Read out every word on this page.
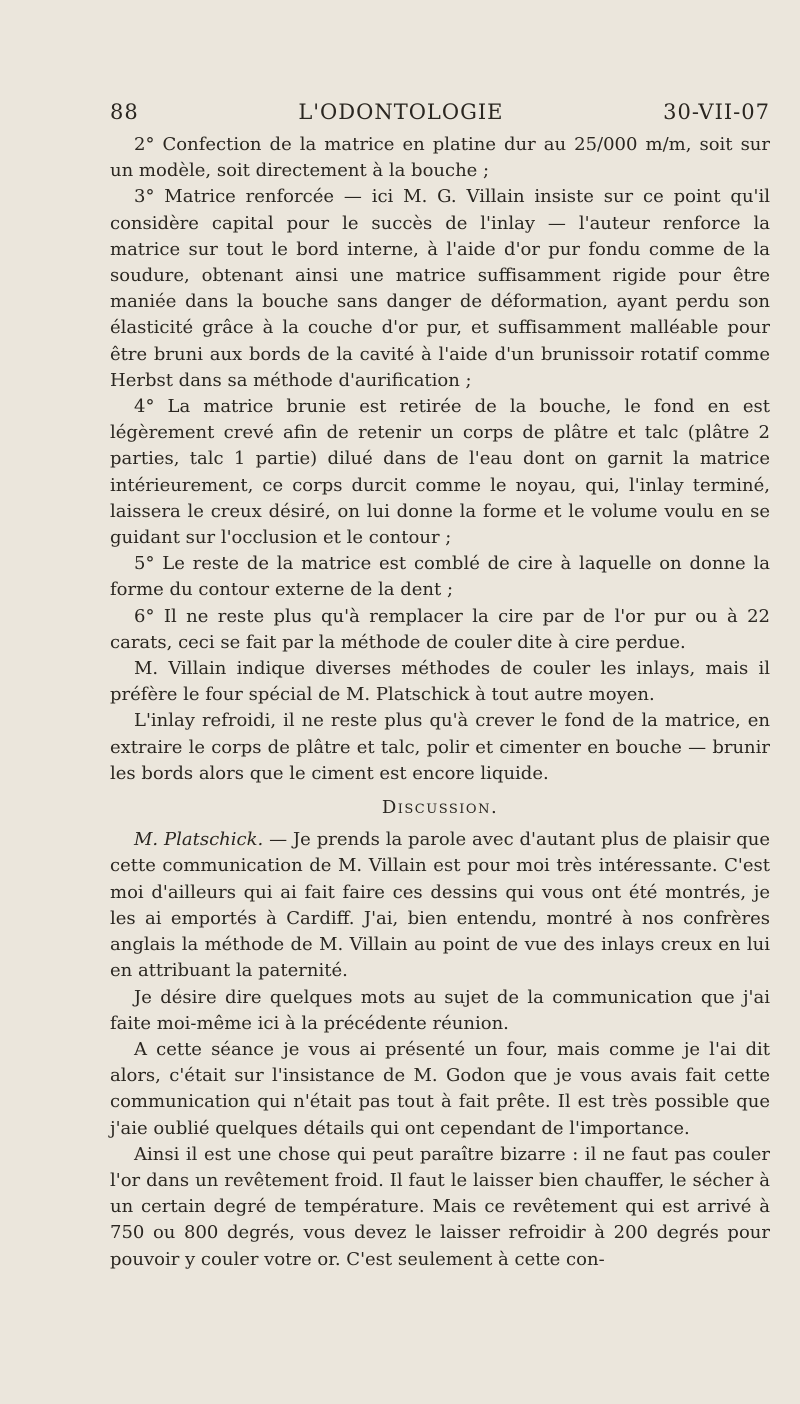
88	L'ODONTOLOGIE	30-VII-07

2° Confection de la matrice en platine dur au 25/000 m/m, soit sur un modèle, soit directement à la bouche ;

3° Matrice renforcée — ici M. G. Villain insiste sur ce point qu'il considère capital pour le succès de l'inlay — l'auteur renforce la matrice sur tout le bord interne, à l'aide d'or pur fondu comme de la soudure, obtenant ainsi une matrice suffisamment rigide pour être maniée dans la bouche sans danger de déformation, ayant perdu son élasticité grâce à la couche d'or pur, et suffisamment malléable pour être bruni aux bords de la cavité à l'aide d'un brunissoir rotatif comme Herbst dans sa méthode d'aurification ;

4° La matrice brunie est retirée de la bouche, le fond en est légèrement crevé afin de retenir un corps de plâtre et talc (plâtre 2 parties, talc 1 partie) dilué dans de l'eau dont on garnit la matrice intérieurement, ce corps durcit comme le noyau, qui, l'inlay terminé, laissera le creux désiré, on lui donne la forme et le volume voulu en se guidant sur l'occlusion et le contour ;

5° Le reste de la matrice est comblé de cire à laquelle on donne la forme du contour externe de la dent ;

6° Il ne reste plus qu'à remplacer la cire par de l'or pur ou à 22 carats, ceci se fait par la méthode de couler dite à cire perdue.

M. Villain indique diverses méthodes de couler les inlays, mais il préfère le four spécial de M. Platschick à tout autre moyen.

L'inlay refroidi, il ne reste plus qu'à crever le fond de la matrice, en extraire le corps de plâtre et talc, polir et cimenter en bouche — brunir les bords alors que le ciment est encore liquide.

Discussion.

M. Platschick. — Je prends la parole avec d'autant plus de plaisir que cette communication de M. Villain est pour moi très intéressante. C'est moi d'ailleurs qui ai fait faire ces dessins qui vous ont été montrés, je les ai emportés à Cardiff. J'ai, bien entendu, montré à nos confrères anglais la méthode de M. Villain au point de vue des inlays creux en lui en attribuant la paternité.

Je désire dire quelques mots au sujet de la communication que j'ai faite moi-même ici à la précédente réunion.

A cette séance je vous ai présenté un four, mais comme je l'ai dit alors, c'était sur l'insistance de M. Godon que je vous avais fait cette communication qui n'était pas tout à fait prête. Il est très possible que j'aie oublié quelques détails qui ont cependant de l'importance.

Ainsi il est une chose qui peut paraître bizarre : il ne faut pas couler l'or dans un revêtement froid. Il faut le laisser bien chauffer, le sécher à un certain degré de température. Mais ce revêtement qui est arrivé à 750 ou 800 degrés, vous devez le laisser refroidir à 200 degrés pour pouvoir y couler votre or. C'est seulement à cette con-
